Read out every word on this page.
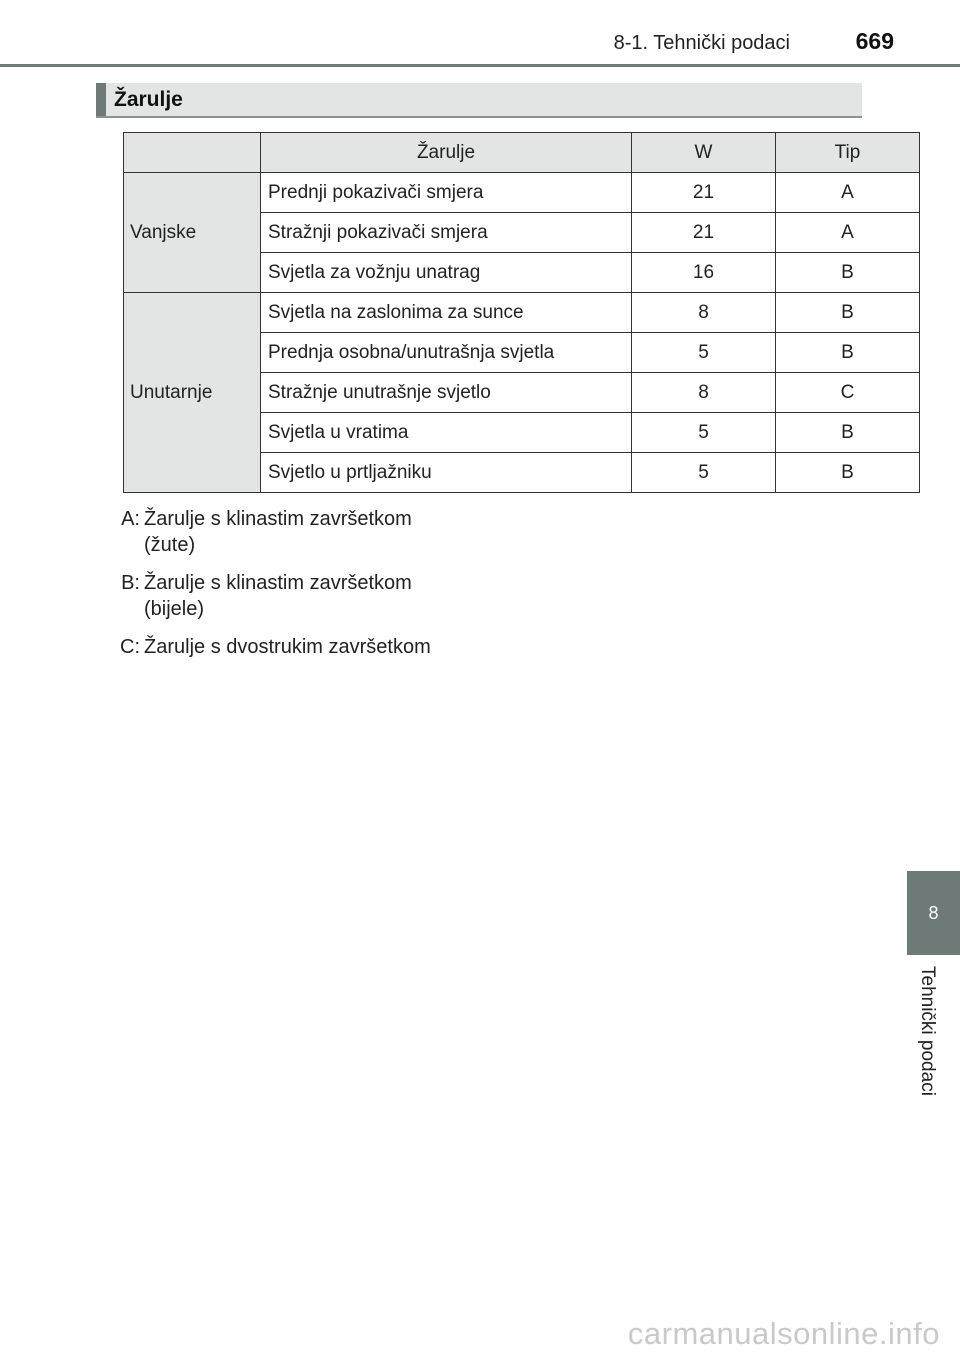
8-1. Tehnički podaci	669
Žarulje
	Žarulje	W	Tip
Vanjske	Prednji pokazivači smjera	21	A
	Stražnji pokazivači smjera	21	A
	Svjetla za vožnju unatrag	16	B
Unutarnje	Svjetla na zaslonima za sunce	8	B
	Prednja osobna/unutrašnja svjetla	5	B
	Stražnje unutrašnje svjetlo	8	C
	Svjetla u vratima	5	B
	Svjetlo u prtljažniku	5	B
A: Žarulje s klinastim završetkom
(žute)
B: Žarulje s klinastim završetkom
(bijele)
C: Žarulje s dvostrukim završetkom
8
Tehnički podaci
carmanualsonline.info
